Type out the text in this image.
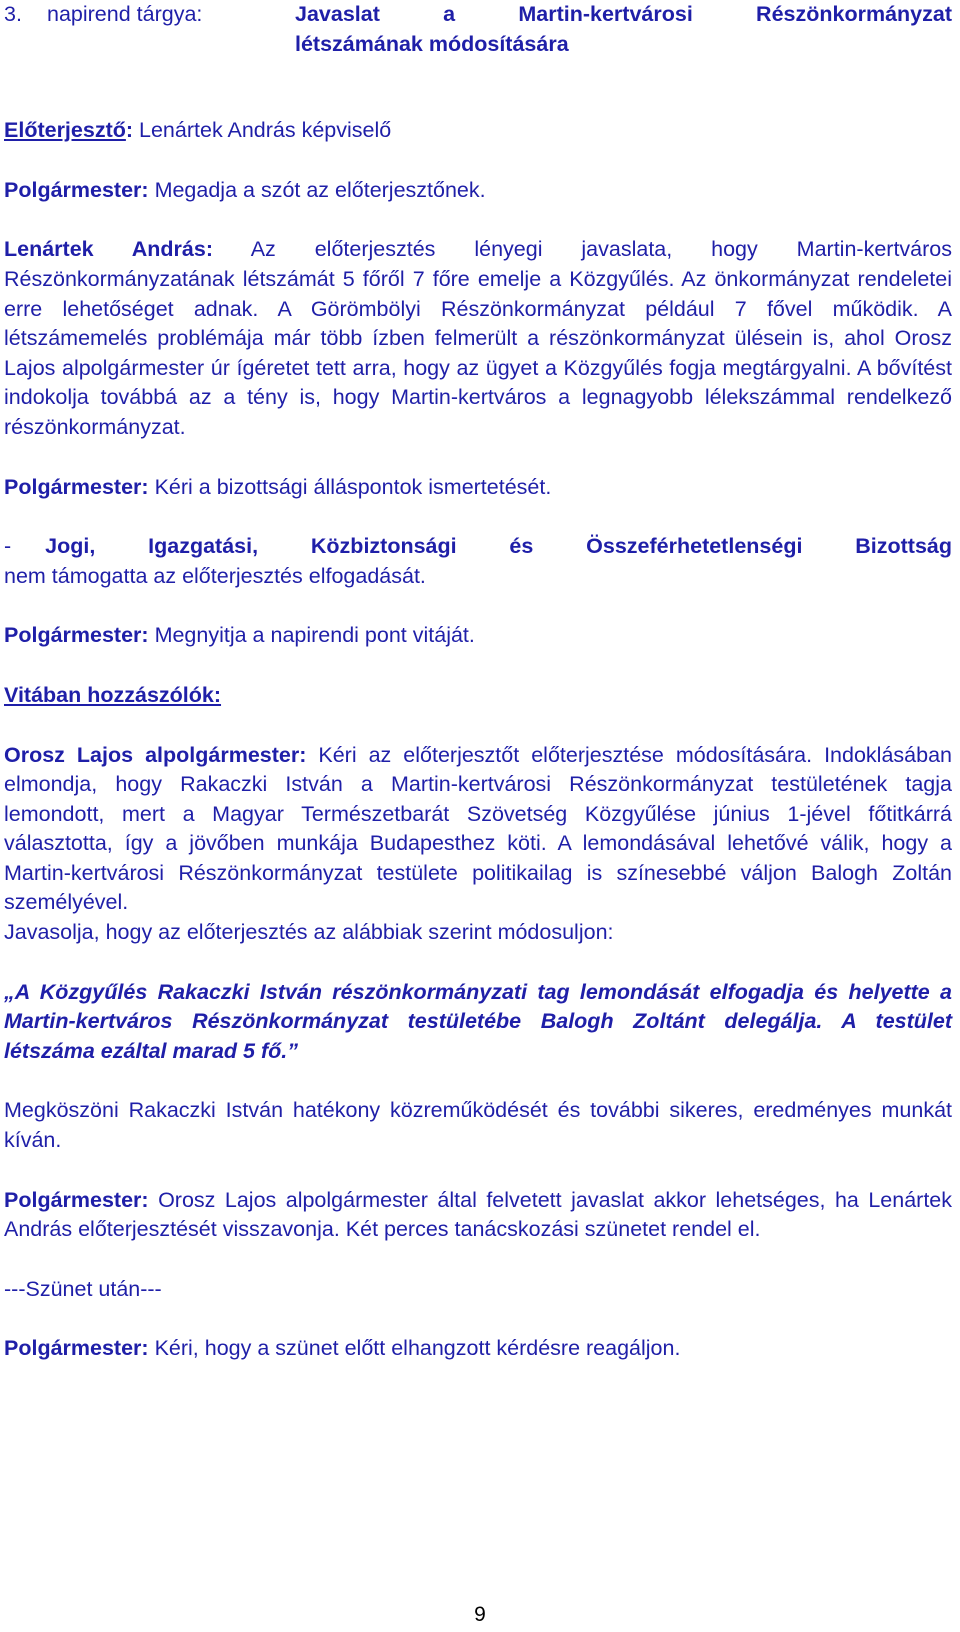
3.	napirend tárgya:	Javaslat a Martin-kertvárosi Részönkormányzat
létszámának módosítására

Előterjesztő: Lenártek András képviselő

Polgármester: Megadja a szót az előterjesztőnek.

Lenártek András: Az előterjesztés lényegi javaslata, hogy Martin-kertváros Részönkormányzatának létszámát 5 főről 7 főre emelje a Közgyűlés. Az önkormányzat rendeletei erre lehetőséget adnak. A Görömbölyi Részönkormányzat például 7 fővel működik. A létszámemelés problémája már több ízben felmerült a részönkormányzat ülésein is, ahol Orosz Lajos alpolgármester úr ígéretet tett arra, hogy az ügyet a Közgyűlés fogja megtárgyalni. A bővítést indokolja továbbá az a tény is, hogy Martin-kertváros a legnagyobb lélekszámmal rendelkező részönkormányzat.

Polgármester: Kéri a bizottsági álláspontok ismertetését.

- Jogi, Igazgatási, Közbiztonsági és Összeférhetetlenségi Bizottság

nem támogatta az előterjesztés elfogadását.

Polgármester: Megnyitja a napirendi pont vitáját.

Vitában hozzászólók:

Orosz Lajos alpolgármester: Kéri az előterjesztőt előterjesztése módosítására. Indoklásában elmondja, hogy Rakaczki István a Martin-kertvárosi Részönkormányzat testületének tagja lemondott, mert a Magyar Természetbarát Szövetség Közgyűlése június 1-jével főtitkárrá választotta, így a jövőben munkája Budapesthez köti. A lemondásával lehetővé válik, hogy a Martin-kertvárosi Részönkormányzat testülete politikailag is színesebbé váljon Balogh Zoltán személyével.

Javasolja, hogy az előterjesztés az alábbiak szerint módosuljon:

„A Közgyűlés Rakaczki István részönkormányzati tag lemondását elfogadja és helyette a Martin-kertváros Részönkormányzat testületébe Balogh Zoltánt delegálja. A testület létszáma ezáltal marad 5 fő.”

Megköszöni Rakaczki István hatékony közreműködését és további sikeres, eredményes munkát kíván.

Polgármester: Orosz Lajos alpolgármester által felvetett javaslat akkor lehetséges, ha Lenártek András előterjesztését visszavonja. Két perces tanácskozási szünetet rendel el.

---Szünet után---

Polgármester: Kéri, hogy a szünet előtt elhangzott kérdésre reagáljon.

9
